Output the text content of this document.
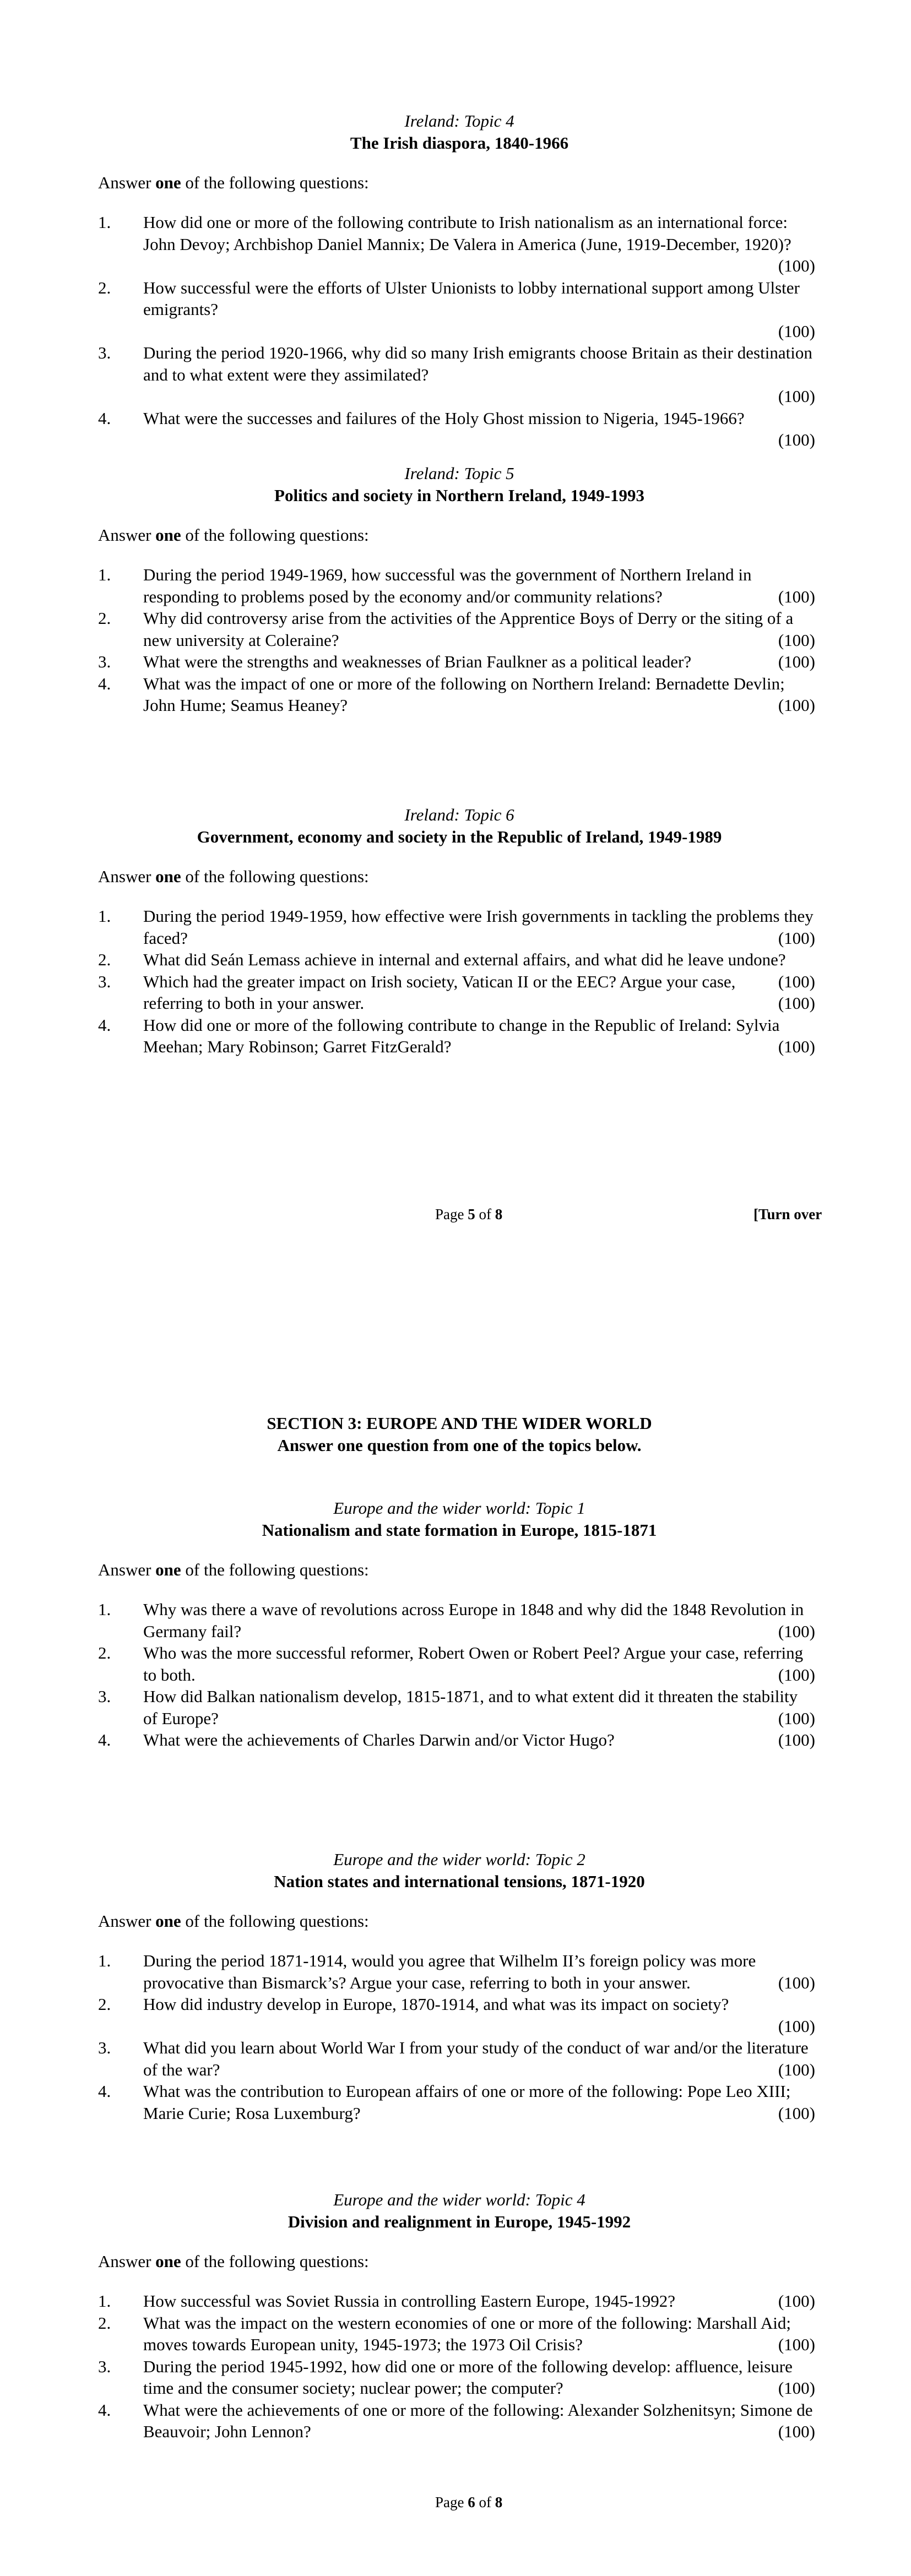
Ireland: Topic 4
The Irish diaspora, 1840-1966
Answer one of the following questions:
1. How did one or more of the following contribute to Irish nationalism as an international force: John Devoy; Archbishop Daniel Mannix; De Valera in America (June, 1919-December, 1920)?
(100)
2. How successful were the efforts of Ulster Unionists to lobby international support among Ulster emigrants?
(100)
3. During the period 1920-1966, why did so many Irish emigrants choose Britain as their destination and to what extent were they assimilated?
(100)
4. What were the successes and failures of the Holy Ghost mission to Nigeria, 1945-1966?
(100)
Ireland: Topic 5
Politics and society in Northern Ireland, 1949-1993
Answer one of the following questions:
1. During the period 1949-1969, how successful was the government of Northern Ireland in responding to problems posed by the economy and/or community relations?	(100)
2. Why did controversy arise from the activities of the Apprentice Boys of Derry or the siting of a new university at Coleraine?	(100)
3. What were the strengths and weaknesses of Brian Faulkner as a political leader?	(100)
4. What was the impact of one or more of the following on Northern Ireland: Bernadette Devlin; John Hume; Seamus Heaney?	(100)
Ireland: Topic 6
Government, economy and society in the Republic of Ireland, 1949-1989
Answer one of the following questions:
1. During the period 1949-1959, how effective were Irish governments in tackling the problems they faced?	(100)
2. What did Seán Lemass achieve in internal and external affairs, and what did he leave undone?
(100)
3. Which had the greater impact on Irish society, Vatican II or the EEC? Argue your case, referring to both in your answer.	(100)
4. How did one or more of the following contribute to change in the Republic of Ireland: Sylvia Meehan; Mary Robinson; Garret FitzGerald?	(100)
Page 5 of 8	[Turn over
SECTION 3: EUROPE AND THE WIDER WORLD
Answer one question from one of the topics below.
Europe and the wider world: Topic 1
Nationalism and state formation in Europe, 1815-1871
Answer one of the following questions:
1. Why was there a wave of revolutions across Europe in 1848 and why did the 1848 Revolution in Germany fail?	(100)
2. Who was the more successful reformer, Robert Owen or Robert Peel? Argue your case, referring to both.	(100)
3. How did Balkan nationalism develop, 1815-1871, and to what extent did it threaten the stability of Europe?	(100)
4. What were the achievements of Charles Darwin and/or Victor Hugo?	(100)
Europe and the wider world: Topic 2
Nation states and international tensions, 1871-1920
Answer one of the following questions:
1. During the period 1871-1914, would you agree that Wilhelm II’s foreign policy was more provocative than Bismarck’s? Argue your case, referring to both in your answer.	(100)
2. How did industry develop in Europe, 1870-1914, and what was its impact on society?
(100)
3. What did you learn about World War I from your study of the conduct of war and/or the literature of the war?	(100)
4. What was the contribution to European affairs of one or more of the following: Pope Leo XIII; Marie Curie; Rosa Luxemburg?	(100)
Europe and the wider world: Topic 4
Division and realignment in Europe, 1945-1992
Answer one of the following questions:
1. How successful was Soviet Russia in controlling Eastern Europe, 1945-1992?	(100)
2. What was the impact on the western economies of one or more of the following: Marshall Aid; moves towards European unity, 1945-1973; the 1973 Oil Crisis?	(100)
3. During the period 1945-1992, how did one or more of the following develop: affluence, leisure time and the consumer society; nuclear power; the computer?	(100)
4. What were the achievements of one or more of the following: Alexander Solzhenitsyn; Simone de Beauvoir; John Lennon?	(100)
Page 6 of 8
